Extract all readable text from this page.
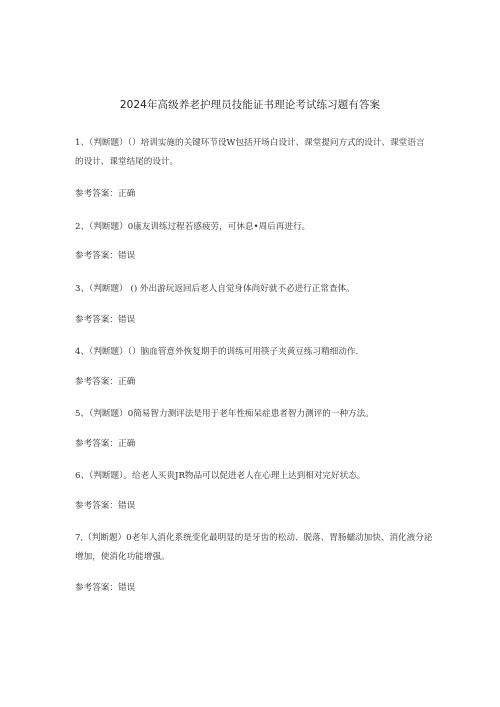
2024年高级养老护理员技能证书理论考试练习题有答案
1、（判断题）（）培训实施的关键环节设W包括开场白设计、课堂提问方式的设计、课堂语言的设计、课堂结尾的设计。
参考答案：正确
2、（判断题）0康友训练过程若感疲劳，可休息•周后再进行。
参考答案：错误
3、（判断题） () 外出游玩返回后老人自觉身体尚好就不必进行正常查体。
参考答案：错误
4、（判断题）（）脑血管意外恢复期手的训练可用筷子夹黄豆练习精细动作.
参考答案：正确
5、（判断题）0简易智力测评法是用于老年性痴呆症患者智力测评的一种方法。
参考答案：正确
6、（判断题）。给老人买贵JR物品可以促进老人在心理上达到相对完好状态。
参考答案：错误
7,（判断题）0老年人消化系统变化最明显的是牙齿的松动、脱落、胃肠蠕动加快、消化液分泌增加，使消化功能增强。
参考答案：错误
